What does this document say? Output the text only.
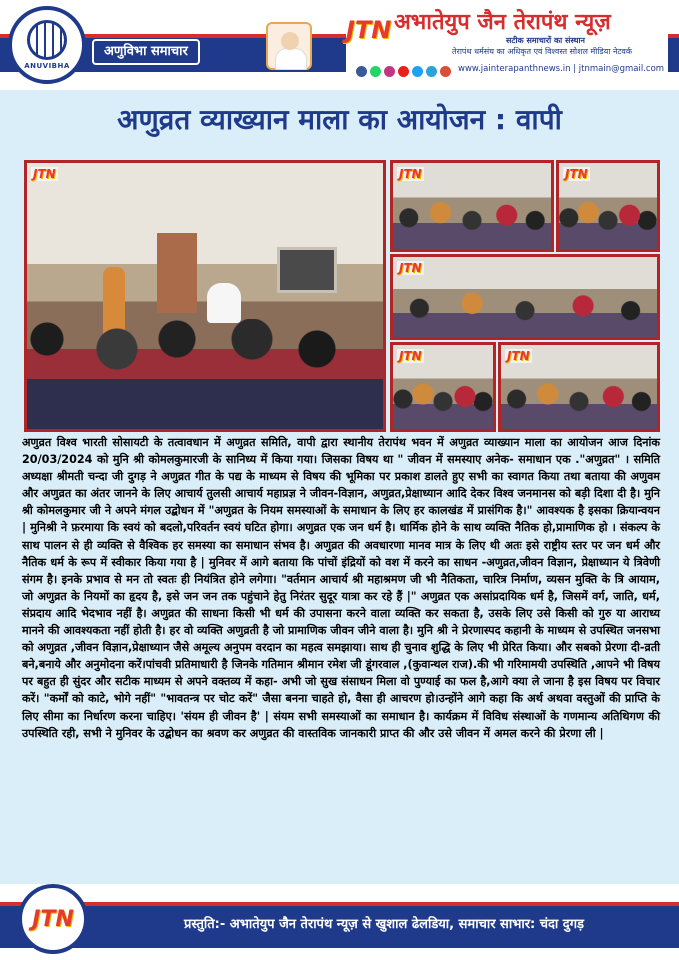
ANUVIBHA
अणुविभा समाचार
JTN अभातेयुप जैन तेरापंथ न्यूज़
सटीक समाचारों का संस्थान
तेरापंथ धर्मसंघ का अधिकृत एवं विश्वस्त सोशल मीडिया नेटवर्क
www.jainterapanthnews.in | jtnmain@gmail.com
अणुव्रत व्याख्यान माला का आयोजन : वापी
JTN	JTN	JTN
JTN
JTN	JTN
अणुव्रत विश्व भारती सोसायटी के तत्वावधान में अणुव्रत समिति, वापी द्वारा स्थानीय तेरापंथ भवन में अणुव्रत व्याख्यान माला का आयोजन आज दिनांक 20/03/2024 को मुनि श्री कोमलकुमारजी के सानिध्य में किया गया। जिसका विषय था " जीवन में समस्याए अनेक- समाधान एक ."अणुव्रत" । समिति अध्यक्षा श्रीमती चन्दा जी दुगड़ ने अणुव्रत गीत के पद्य के माध्यम से विषय की भूमिका पर प्रकाश डालते हुए सभी का स्वागत किया तथा बताया की अणुवम और अणुव्रत का अंतर जानने के लिए आचार्य तुलसी आचार्य महाप्रज्ञ ने जीवन-विज्ञान, अणुव्रत,प्रेक्षाध्यान आदि देकर विश्व जनमानस को बड़ी दिशा दी है। मुनि श्री कोमलकुमार जी ने अपने मंगल उद्बोधन में "अणुव्रत के नियम समस्याओं के समाधान के लिए हर कालखंड में प्रासंगिक है।" आवश्यक है इसका क्रियान्वयन | मुनिश्री ने फ़रमाया कि स्वयं को बदलो,परिवर्तन स्वयं घटित होगा। अणुव्रत एक जन धर्म है। धार्मिक होने के साथ व्यक्ति नैतिक हो,प्रामाणिक हो । संकल्प के साथ पालन से ही व्यक्ति से वैश्विक हर समस्या का समाधान संभव है। अणुव्रत की अवधारणा मानव मात्र के लिए थी अतः इसे राष्ट्रीय स्तर पर जन धर्म और नैतिक धर्म के रूप में स्वीकार किया गया है | मुनिवर में आगे बताया कि पांचों इंद्रियों को वश में करने का साधन -अणुव्रत,जीवन विज्ञान, प्रेक्षाध्यान ये त्रिवेणी संगम है। इनके प्रभाव से मन तो स्वतः ही नियंत्रित होने लगेगा। "वर्तमान आचार्य श्री महाश्रमण जी भी नैतिकता, चारित्र निर्माण, व्यसन मुक्ति के त्रि आयाम, जो अणुव्रत के नियमों का हृदय है, इसे जन जन तक पहुंचाने हेतु निरंतर सुदूर यात्रा कर रहे हैं |" अणुव्रत एक असांप्रदायिक धर्म है, जिसमें वर्ग, जाति, धर्म, संप्रदाय आदि भेदभाव नहीं है। अणुव्रत की साधना किसी भी धर्म की उपासना करने वाला व्यक्ति कर सकता है, उसके लिए उसे किसी को गुरु या आराध्य मानने की आवश्यकता नहीं होती है। हर वो व्यक्ति अणुव्रती है जो प्रामाणिक जीवन जीने वाला है। मुनि श्री ने प्रेरणास्पद कहानी के माध्यम से उपस्थित जनसभा को अणुव्रत ,जीवन विज्ञान,प्रेक्षाध्यान जैसे अमूल्य अनुपम वरदान का महत्व समझाया। साथ ही चुनाव शुद्धि के लिए भी प्रेरित किया। और सबको प्रेरणा दी-व्रती बने,बनाये और अनुमोदना करें।पांचवी प्रतिमाधारी है जिनके गतिमान श्रीमान रमेश जी डूंगरवाल ,(कुवान्थल राज).की भी गरिमामयी उपस्थिति ,आपने भी विषय पर बहुत ही सुंदर और सटीक माध्यम से अपने वक्तव्य में कहा- अभी जो सुख संसाधन मिला वो पुण्याई का फल है,आगे क्या ले जाना है इस विषय पर विचार करें। "कर्मों को काटे, भोगे नहीं" "भावतन्त्र पर चोट करें" जैसा बनना चाहते हो, वैसा ही आचरण हो।उन्होंने आगे कहा कि अर्थ अथवा वस्तुओं की प्राप्ति के लिए सीमा का निर्धारण करना चाहिए। 'संयम ही जीवन है' | संयम सभी समस्याओं का समाधान है। कार्यक्रम में विविध संस्थाओं के गणमान्य अतिथिगण की उपस्थिति रही, सभी ने मुनिवर के उद्बोधन का श्रवण कर अणुव्रत की वास्तविक जानकारी प्राप्त की और उसे जीवन में अमल करने की प्रेरणा ली |
JTN	प्रस्तुति:- अभातेयुप जैन तेरापंथ न्यूज़ से खुशाल ढेलडिया, समाचार साभार: चंदा दुगड़
